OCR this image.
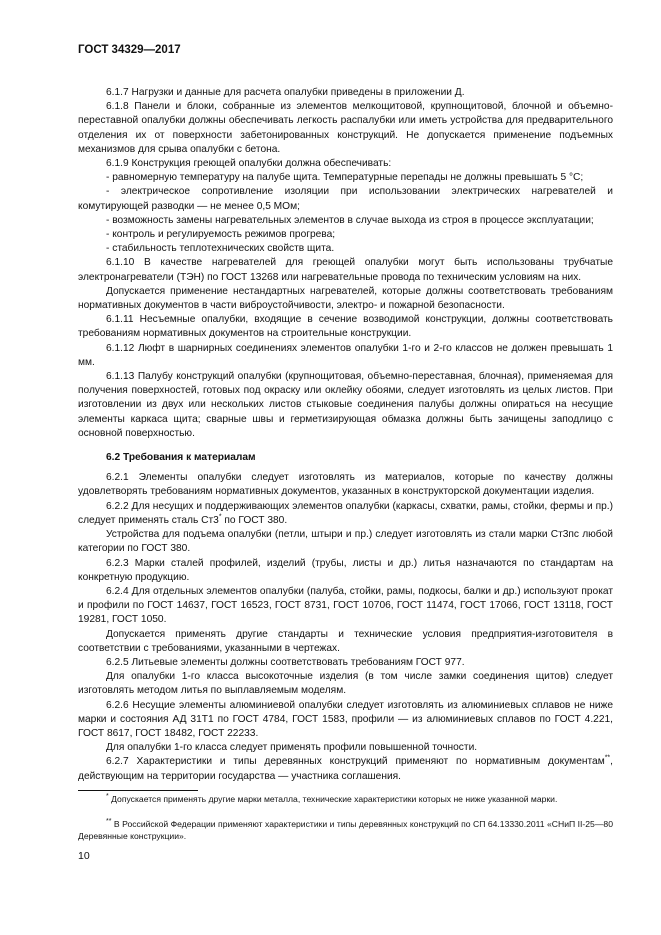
ГОСТ 34329—2017

6.1.7 Нагрузки и данные для расчета опалубки приведены в приложении Д.

6.1.8 Панели и блоки, собранные из элементов мелкощитовой, крупнощитовой, блочной и объемно-переставной опалубки должны обеспечивать легкость распалубки или иметь устройства для предварительного отделения их от поверхности забетонированных конструкций. Не допускается применение подъемных механизмов для срыва опалубки с бетона.

6.1.9 Конструкция греющей опалубки должна обеспечивать:

- равномерную температуру на палубе щита. Температурные перепады не должны превышать 5 °С;

- электрическое сопротивление изоляции при использовании электрических нагревателей и комутирующей разводки — не менее 0,5 МОм;

- возможность замены нагревательных элементов в случае выхода из строя в процессе эксплуатации;

- контроль и регулируемость режимов прогрева;

- стабильность теплотехнических свойств щита.

6.1.10 В качестве нагревателей для греющей опалубки могут быть использованы трубчатые электронагреватели (ТЭН) по ГОСТ 13268 или нагревательные провода по техническим условиям на них.

Допускается применение нестандартных нагревателей, которые должны соответствовать требованиям нормативных документов в части виброустойчивости, электро- и пожарной безопасности.

6.1.11 Несъемные опалубки, входящие в сечение возводимой конструкции, должны соответствовать требованиям нормативных документов на строительные конструкции.

6.1.12 Люфт в шарнирных соединениях элементов опалубки 1-го и 2-го классов не должен превышать 1 мм.

6.1.13 Палубу конструкций опалубки (крупнощитовая, объемно-переставная, блочная), применяемая для получения поверхностей, готовых под окраску или оклейку обоями, следует изготовлять из целых листов. При изготовлении из двух или нескольких листов стыковые соединения палубы должны опираться на несущие элементы каркаса щита; сварные швы и герметизирующая обмазка должны быть зачищены заподлицо с основной поверхностью.

6.2 Требования к материалам

6.2.1 Элементы опалубки следует изготовлять из материалов, которые по качеству должны удовлетворять требованиям нормативных документов, указанных в конструкторской документации изделия.

6.2.2 Для несущих и поддерживающих элементов опалубки (каркасы, схватки, рамы, стойки, фермы и пр.) следует применять сталь Ст3* по ГОСТ 380.

Устройства для подъема опалубки (петли, штыри и пр.) следует изготовлять из стали марки Ст3пс любой категории по ГОСТ 380.

6.2.3 Марки сталей профилей, изделий (трубы, листы и др.) литья назначаются по стандартам на конкретную продукцию.

6.2.4 Для отдельных элементов опалубки (палуба, стойки, рамы, подкосы, балки и др.) используют прокат и профили по ГОСТ 14637, ГОСТ 16523, ГОСТ 8731, ГОСТ 10706, ГОСТ 11474, ГОСТ 17066, ГОСТ 13118, ГОСТ 19281, ГОСТ 1050.

Допускается применять другие стандарты и технические условия предприятия-изготовителя в соответствии с требованиями, указанными в чертежах.

6.2.5 Литьевые элементы должны соответствовать требованиям ГОСТ 977.

Для опалубки 1-го класса высокоточные изделия (в том числе замки соединения щитов) следует изготовлять методом литья по выплавляемым моделям.

6.2.6 Несущие элементы алюминиевой опалубки следует изготовлять из алюминиевых сплавов не ниже марки и состояния АД 31Т1 по ГОСТ 4784, ГОСТ 1583, профили — из алюминиевых сплавов по ГОСТ 4.221, ГОСТ 8617, ГОСТ 18482, ГОСТ 22233.

Для опалубки 1-го класса следует применять профили повышенной точности.

6.2.7 Характеристики и типы деревянных конструкций применяют по нормативным документам**, действующим на территории государства — участника соглашения.

* Допускается применять другие марки металла, технические характеристики которых не ниже указанной марки.
** В Российской Федерации применяют характеристики и типы деревянных конструкций по СП 64.13330.2011 «СНиП II-25—80 Деревянные конструкции».
10
